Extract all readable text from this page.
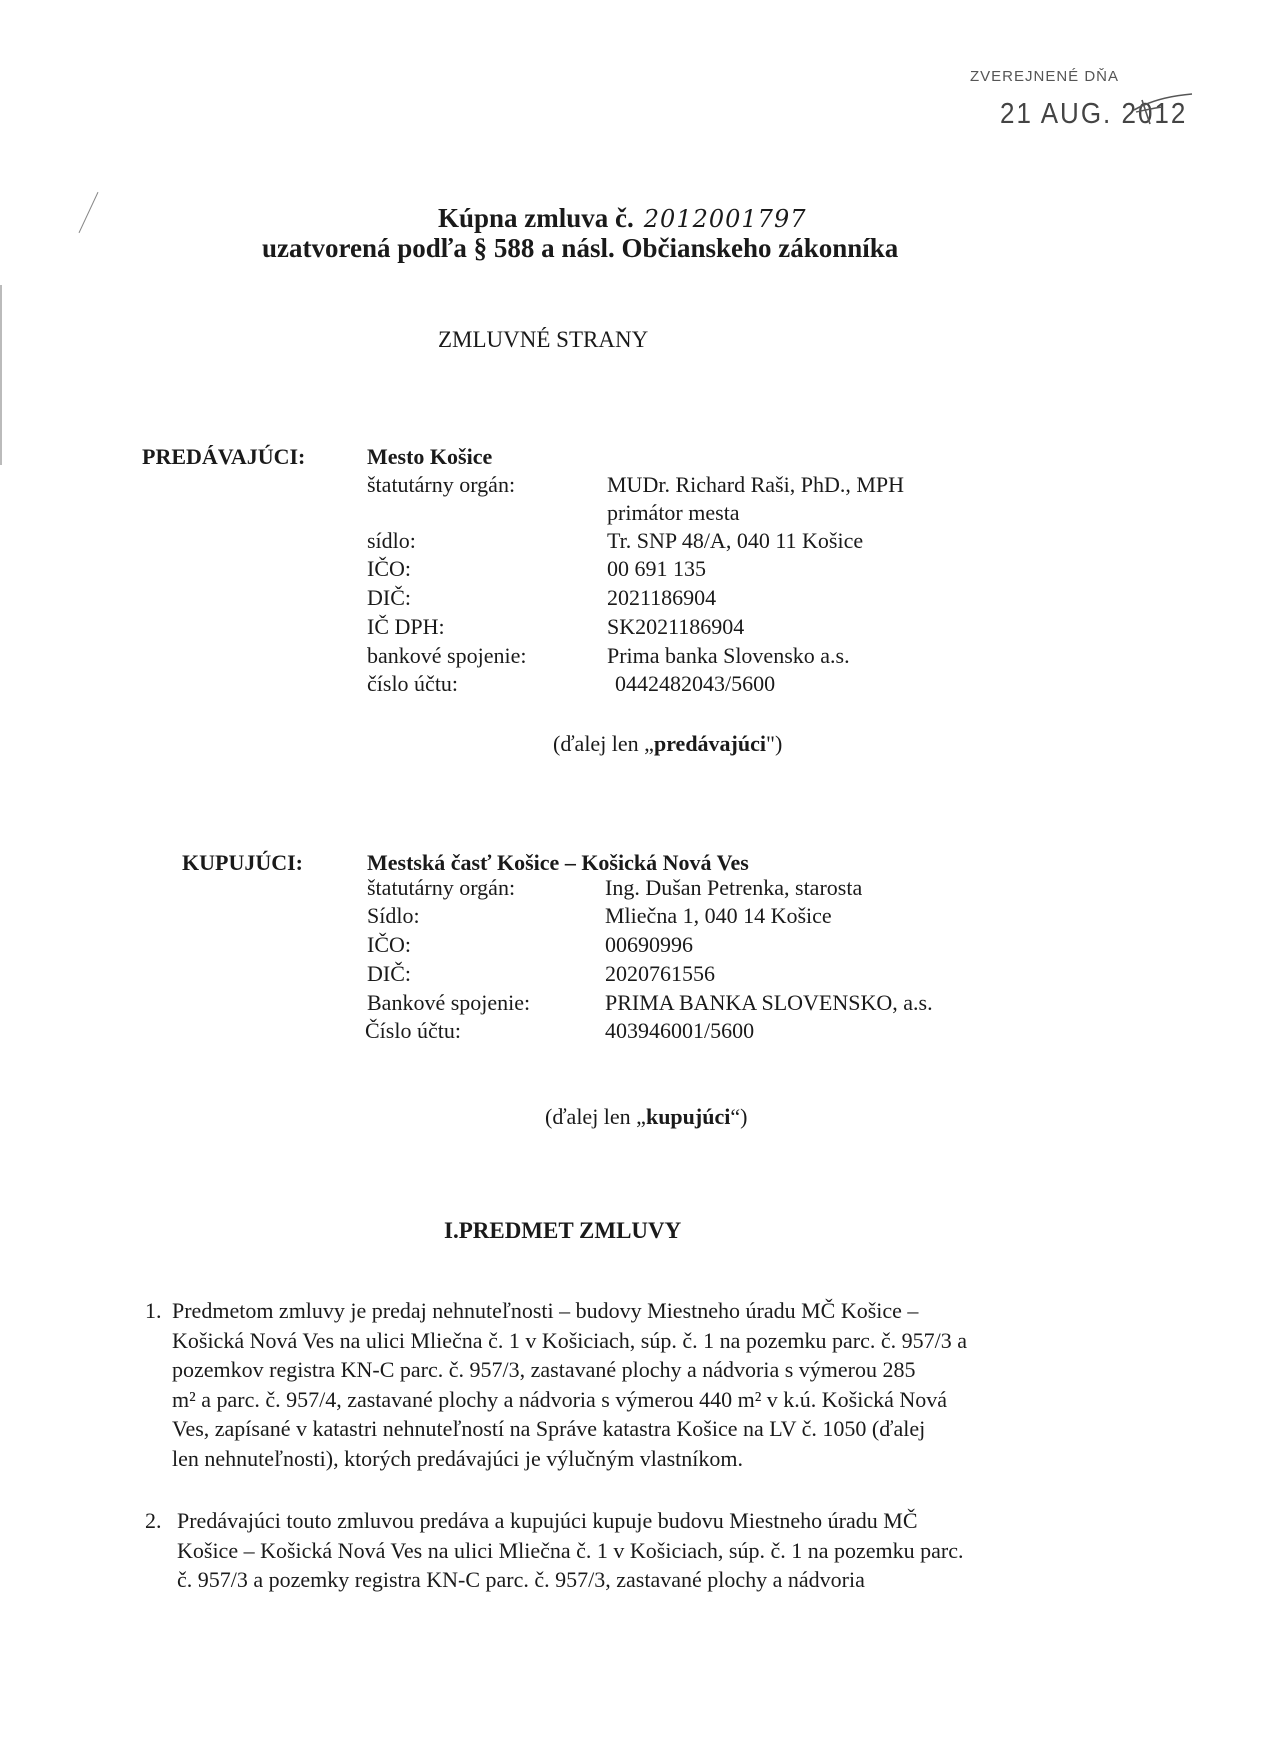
ZVEREJNENÉ DŇA
21 AUG. 2012
Kúpna zmluva č. 2012001797
uzatvorená podľa § 588 a násl. Občianskeho zákonníka
ZMLUVNÉ STRANY
PREDÁVAJÚCI:	Mesto Košice
štatutárny orgán:	MUDr. Richard Raši, PhD., MPH
primátor mesta
sídlo:	Tr. SNP 48/A, 040 11 Košice
IČO:	00 691 135
DIČ:	2021186904
IČ DPH:	SK2021186904
bankové spojenie:	Prima banka Slovensko a.s.
číslo účtu:	0442482043/5600
(ďalej len „predávajúci")
KUPUJÚCI:	Mestská časť Košice – Košická Nová Ves
štatutárny orgán:	Ing. Dušan Petrenka, starosta
Sídlo:	Mliečna 1, 040 14 Košice
IČO:	00690996
DIČ:	2020761556
Bankové spojenie:	PRIMA BANKA SLOVENSKO, a.s.
Číslo účtu:	403946001/5600
(ďalej len „kupujúci“)
I.PREDMET ZMLUVY
1. Predmetom zmluvy je predaj nehnuteľnosti – budovy Miestneho úradu MČ Košice –
Košická Nová Ves na ulici Mliečna č. 1 v Košiciach, súp. č. 1 na pozemku parc. č. 957/3 a
pozemkov registra KN-C parc. č. 957/3, zastavané plochy a nádvoria s výmerou 285
m² a parc. č. 957/4, zastavané plochy a nádvoria s výmerou 440 m² v k.ú. Košická Nová
Ves, zapísané v katastri nehnuteľností na Správe katastra Košice na LV č. 1050 (ďalej
len nehnuteľnosti), ktorých predávajúci je výlučným vlastníkom.
2. Predávajúci touto zmluvou predáva a kupujúci kupuje budovu Miestneho úradu MČ
Košice – Košická Nová Ves na ulici Mliečna č. 1 v Košiciach, súp. č. 1 na pozemku parc.
č. 957/3 a pozemky registra KN-C parc. č. 957/3, zastavané plochy a nádvoria
